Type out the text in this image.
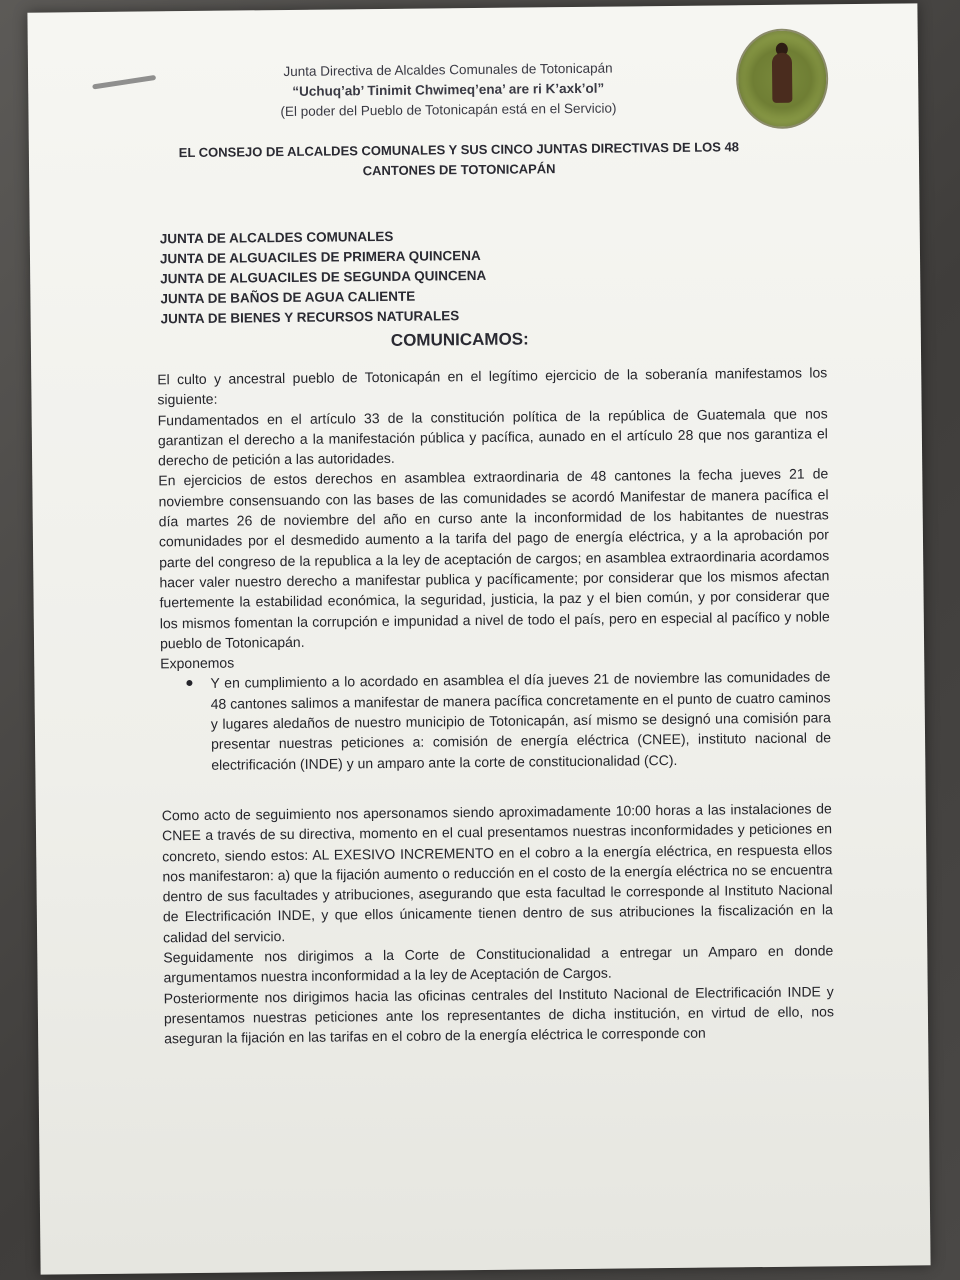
Junta Directiva de Alcaldes Comunales de Totonicapán
“Uchuq’ab’ Tinimit Chwimeq’ena’ are ri K’axk’ol”
(El poder del Pueblo de Totonicapán está en el Servicio)
EL CONSEJO DE ALCALDES COMUNALES Y SUS CINCO JUNTAS DIRECTIVAS DE LOS 48 CANTONES DE TOTONICAPÁN
JUNTA DE ALCALDES COMUNALES
JUNTA DE ALGUACILES DE PRIMERA QUINCENA
JUNTA DE ALGUACILES DE SEGUNDA QUINCENA
JUNTA DE BAÑOS DE AGUA CALIENTE
JUNTA DE BIENES Y RECURSOS NATURALES
COMUNICAMOS:

El culto y ancestral pueblo de Totonicapán en el legítimo ejercicio de la soberanía manifestamos los siguiente:

Fundamentados en el artículo 33 de la constitución política de la república de Guatemala que nos garantizan el derecho a la manifestación pública y pacífica, aunado en el artículo 28 que nos garantiza el derecho de petición a las autoridades.

En ejercicios de estos derechos en asamblea extraordinaria de 48 cantones la fecha jueves 21 de noviembre consensuando con las bases de las comunidades se acordó Manifestar de manera pacífica el día martes 26 de noviembre del año en curso ante la inconformidad de los habitantes de nuestras comunidades por el desmedido aumento a la tarifa del pago de energía eléctrica, y a la aprobación por parte del congreso de la republica a la ley de aceptación de cargos; en asamblea extraordinaria acordamos hacer valer nuestro derecho a manifestar publica y pacíficamente; por considerar que los mismos afectan fuertemente la estabilidad económica, la seguridad, justicia, la paz y el bien común, y por considerar que los mismos fomentan la corrupción e impunidad a nivel de todo el país, pero en especial al pacífico y noble pueblo de Totonicapán.

Exponemos

Y en cumplimiento a lo acordado en asamblea el día jueves 21 de noviembre las comunidades de 48 cantones salimos a manifestar de manera pacífica concretamente en el punto de cuatro caminos y lugares aledaños de nuestro municipio de Totonicapán, así mismo se designó una comisión para presentar nuestras peticiones a: comisión de energía eléctrica (CNEE), instituto nacional de electrificación (INDE) y un amparo ante la corte de constitucionalidad (CC).

Como acto de seguimiento nos apersonamos siendo aproximadamente 10:00 horas a las instalaciones de CNEE a través de su directiva, momento en el cual presentamos nuestras inconformidades y peticiones en concreto, siendo estos: AL EXESIVO INCREMENTO en el cobro a la energía eléctrica, en respuesta ellos nos manifestaron: a) que la fijación aumento o reducción en el costo de la energía eléctrica no se encuentra dentro de sus facultades y atribuciones, asegurando que esta facultad le corresponde al Instituto Nacional de Electrificación INDE, y que ellos únicamente tienen dentro de sus atribuciones la fiscalización en la calidad del servicio.

Seguidamente nos dirigimos a la Corte de Constitucionalidad a entregar un Amparo en donde argumentamos nuestra inconformidad a la ley de Aceptación de Cargos.

Posteriormente nos dirigimos hacia las oficinas centrales del Instituto Nacional de Electrificación INDE y presentamos nuestras peticiones ante los representantes de dicha institución, en virtud de ello, nos aseguran la fijación en las tarifas en el cobro de la energía eléctrica le corresponde con
